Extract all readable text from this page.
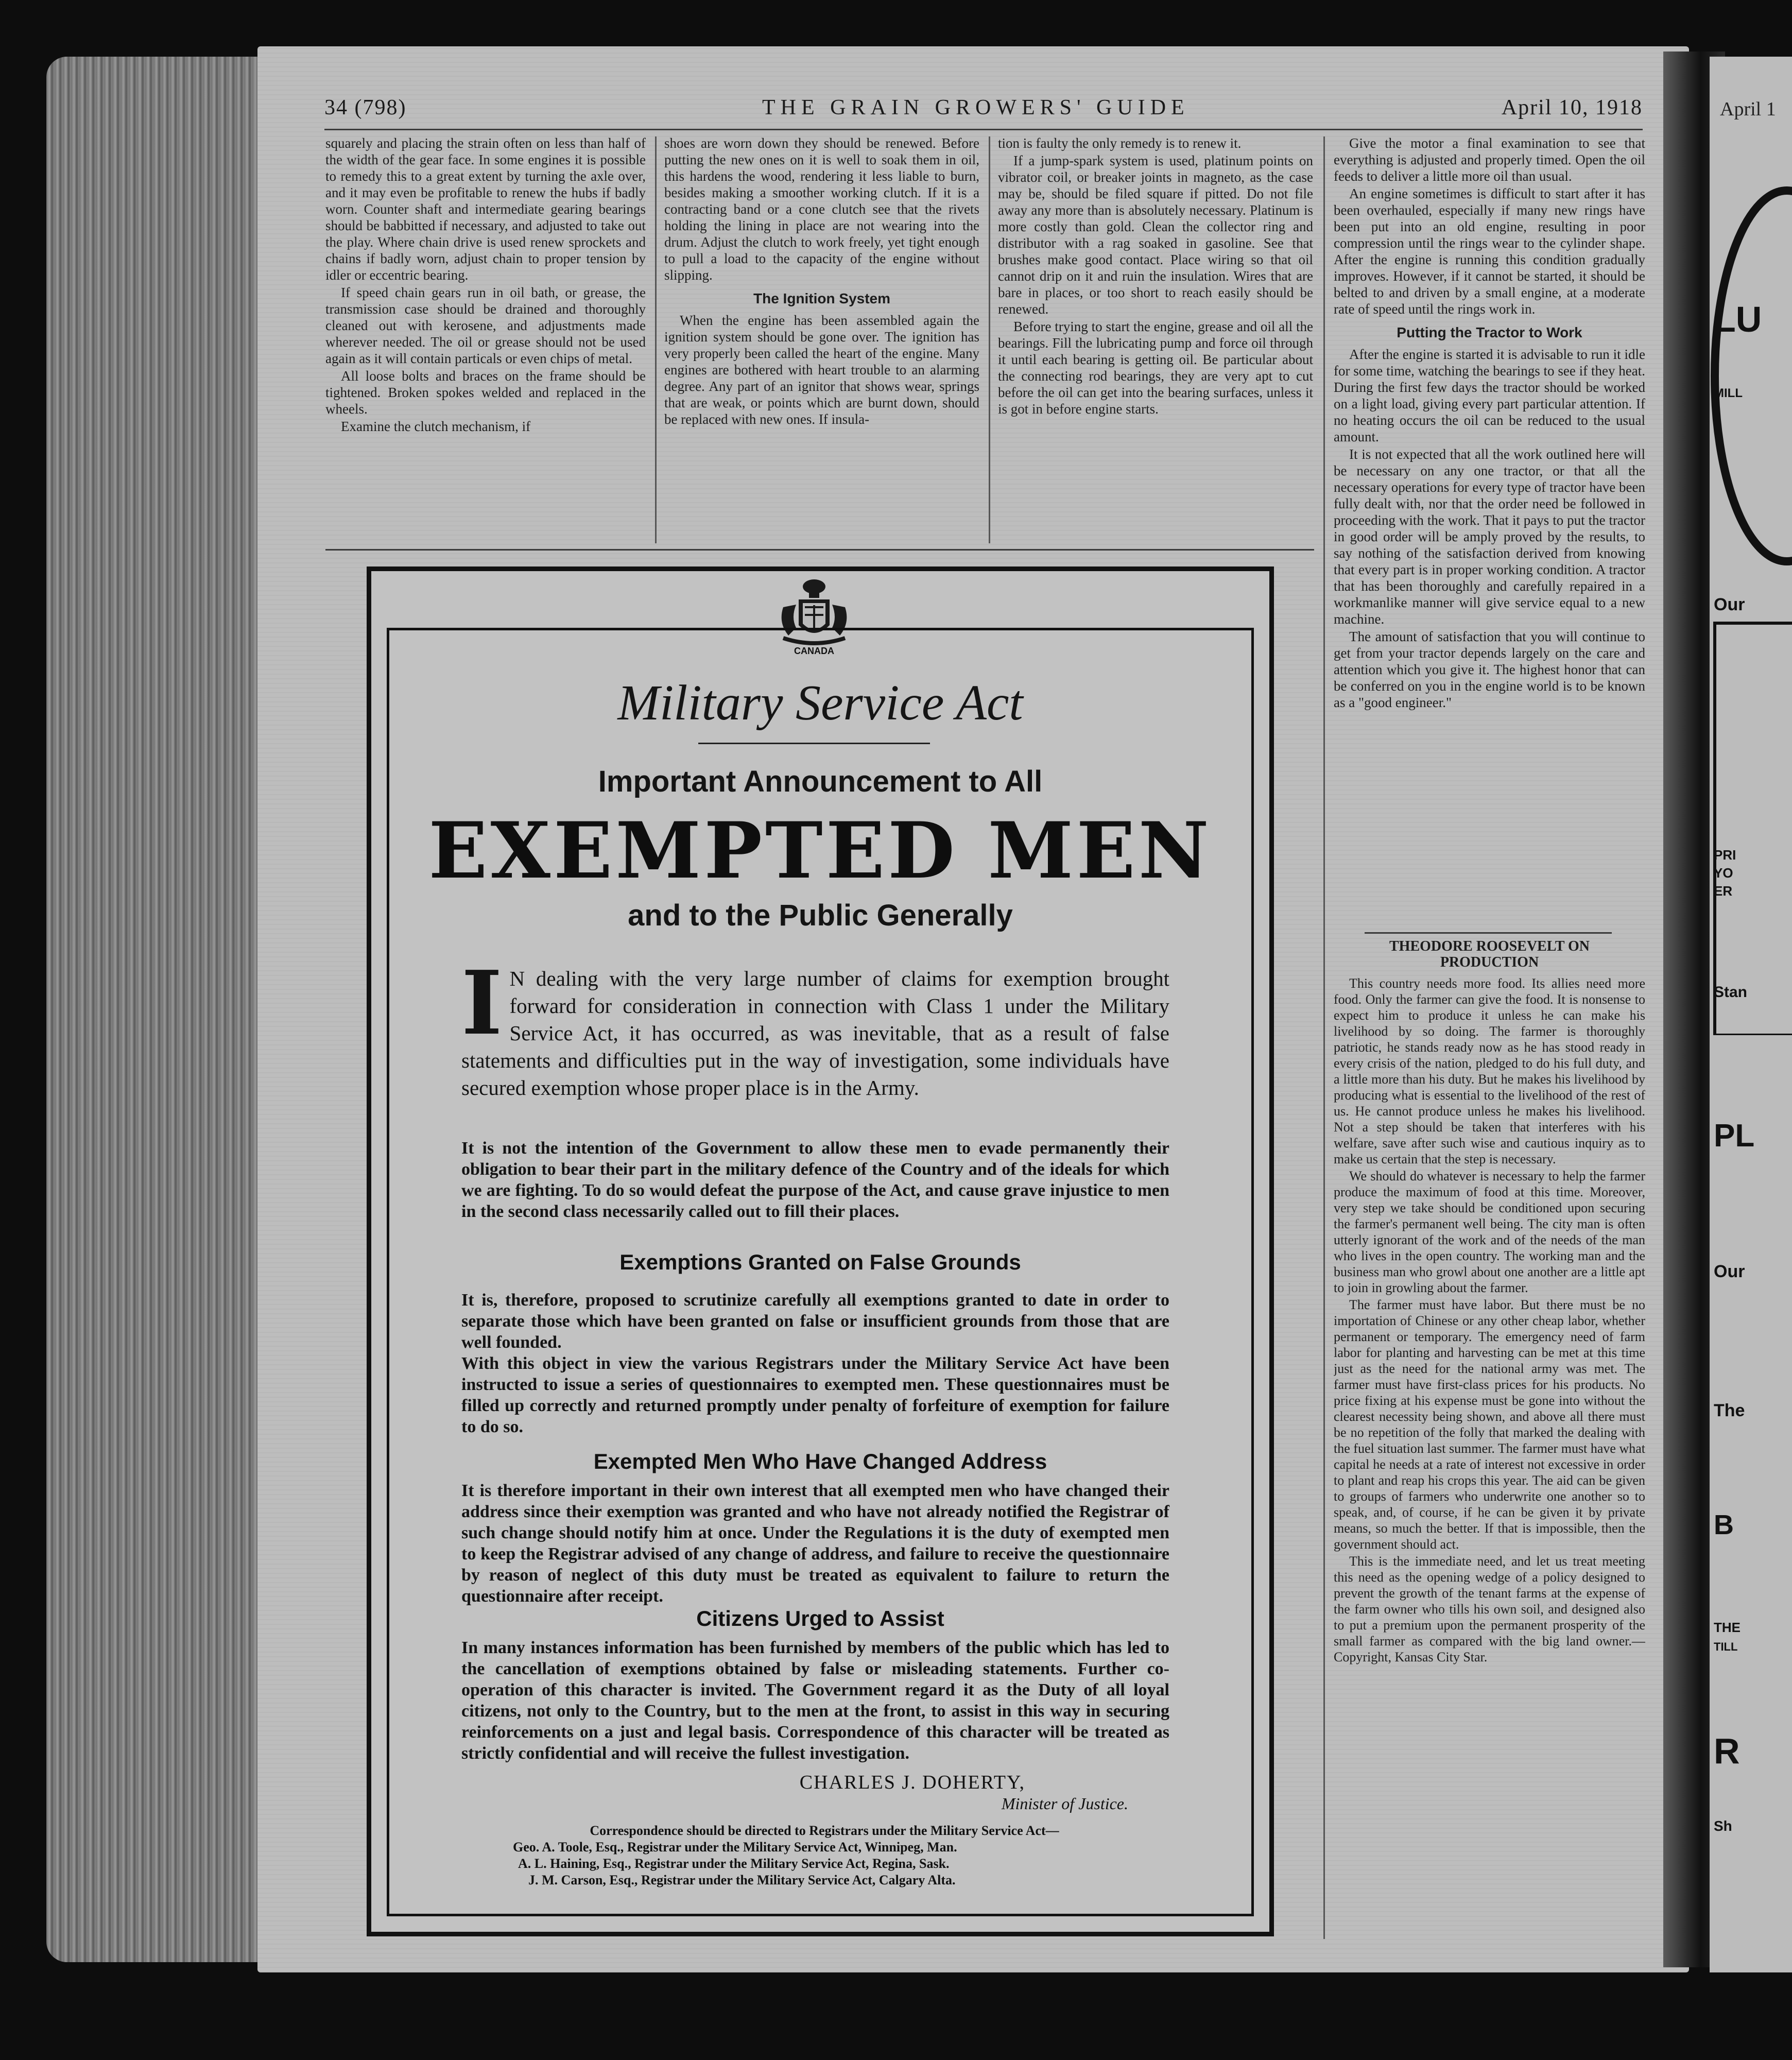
34 (798)	THE GRAIN GROWERS' GUIDE	April 10, 1918

squarely and placing the strain often on less than half of the width of the gear face. In some engines it is possible to remedy this to a great extent by turning the axle over, and it may even be profitable to renew the hubs if badly worn. Counter shaft and intermediate gearing bearings should be babbitted if necessary, and adjusted to take out the play. Where chain drive is used renew sprockets and chains if badly worn, adjust chain to proper tension by idler or eccentric bearing.

If speed chain gears run in oil bath, or grease, the transmission case should be drained and thoroughly cleaned out with kerosene, and adjustments made wherever needed. The oil or grease should not be used again as it will contain particals or even chips of metal.

All loose bolts and braces on the frame should be tightened. Broken spokes welded and replaced in the wheels.

Examine the clutch mechanism, if

shoes are worn down they should be renewed. Before putting the new ones on it is well to soak them in oil, this hardens the wood, rendering it less liable to burn, besides making a smoother working clutch. If it is a contracting band or a cone clutch see that the rivets holding the lining in place are not wearing into the drum. Adjust the clutch to work freely, yet tight enough to pull a load to the capacity of the engine without slipping.

The Ignition System

When the engine has been assembled again the ignition system should be gone over. The ignition has very properly been called the heart of the engine. Many engines are bothered with heart trouble to an alarming degree. Any part of an ignitor that shows wear, springs that are weak, or points which are burnt down, should be replaced with new ones. If insula-

tion is faulty the only remedy is to renew it.

If a jump-spark system is used, platinum points on vibrator coil, or breaker joints in magneto, as the case may be, should be filed square if pitted. Do not file away any more than is absolutely necessary. Platinum is more costly than gold. Clean the collector ring and distributor with a rag soaked in gasoline. See that brushes make good contact. Place wiring so that oil cannot drip on it and ruin the insulation. Wires that are bare in places, or too short to reach easily should be renewed.

Before trying to start the engine, grease and oil all the bearings. Fill the lubricating pump and force oil through it until each bearing is getting oil. Be particular about the connecting rod bearings, they are very apt to cut before the oil can get into the bearing surfaces, unless it is got in before engine starts.

Give the motor a final examination to see that everything is adjusted and properly timed. Open the oil feeds to deliver a little more oil than usual.

An engine sometimes is difficult to start after it has been overhauled, especially if many new rings have been put into an old engine, resulting in poor compression until the rings wear to the cylinder shape. After the engine is running this condition gradually improves. However, if it cannot be started, it should be belted to and driven by a small engine, at a moderate rate of speed until the rings work in.

Putting the Tractor to Work

After the engine is started it is advisable to run it idle for some time, watching the bearings to see if they heat. During the first few days the tractor should be worked on a light load, giving every part particular attention. If no heating occurs the oil can be reduced to the usual amount.

It is not expected that all the work outlined here will be necessary on any one tractor, or that all the necessary operations for every type of tractor have been fully dealt with, nor that the order need be followed in proceeding with the work. That it pays to put the tractor in good order will be amply proved by the results, to say nothing of the satisfaction derived from knowing that every part is in proper working condition. A tractor that has been thoroughly and carefully repaired in a workmanlike manner will give service equal to a new machine.

The amount of satisfaction that you will continue to get from your tractor depends largely on the care and attention which you give it. The highest honor that can be conferred on you in the engine world is to be known as a "good engineer."

THEODORE ROOSEVELT ON PRODUCTION

This country needs more food. Its allies need more food. Only the farmer can give the food. It is nonsense to expect him to produce it unless he can make his livelihood by so doing. The farmer is thoroughly patriotic, he stands ready now as he has stood ready in every crisis of the nation, pledged to do his full duty, and a little more than his duty. But he makes his livelihood by producing what is essential to the livelihood of the rest of us. He cannot produce unless he makes his livelihood. Not a step should be taken that interferes with his welfare, save after such wise and cautious inquiry as to make us certain that the step is necessary.

We should do whatever is necessary to help the farmer produce the maximum of food at this time. Moreover, very step we take should be conditioned upon securing the farmer's permanent well being. The city man is often utterly ignorant of the work and of the needs of the man who lives in the open country. The working man and the business man who growl about one another are a little apt to join in growling about the farmer.

The farmer must have labor. But there must be no importation of Chinese or any other cheap labor, whether permanent or temporary. The emergency need of farm labor for planting and harvesting can be met at this time just as the need for the national army was met. The farmer must have first-class prices for his products. No price fixing at his expense must be gone into without the clearest necessity being shown, and above all there must be no repetition of the folly that marked the dealing with the fuel situation last summer. The farmer must have what capital he needs at a rate of interest not excessive in order to plant and reap his crops this year. The aid can be given to groups of farmers who underwrite one another so to speak, and, of course, if he can be given it by private means, so much the better. If that is impossible, then the government should act.

This is the immediate need, and let us treat meeting this need as the opening wedge of a policy designed to prevent the growth of the tenant farms at the expense of the farm owner who tills his own soil, and designed also to put a premium upon the permanent prosperity of the small farmer as compared with the big land owner.—Copyright, Kansas City Star.

CANADA
Military Service Act
Important Announcement to All
EXEMPTED MEN
and to the Public Generally
I N dealing with the very large number of claims for exemption brought forward for consideration in connection with Class 1 under the Military Service Act, it has occurred, as was inevitable, that as a result of false statements and difficulties put in the way of investigation, some individuals have secured exemption whose proper place is in the Army.
It is not the intention of the Government to allow these men to evade permanently their obligation to bear their part in the military defence of the Country and of the ideals for which we are fighting. To do so would defeat the purpose of the Act, and cause grave injustice to men in the second class necessarily called out to fill their places.
Exemptions Granted on False Grounds
It is, therefore, proposed to scrutinize carefully all exemptions granted to date in order to separate those which have been granted on false or insufficient grounds from those that are well founded.
With this object in view the various Registrars under the Military Service Act have been instructed to issue a series of questionnaires to exempted men. These questionnaires must be filled up correctly and returned promptly under penalty of forfeiture of exemption for failure to do so.
Exempted Men Who Have Changed Address
It is therefore important in their own interest that all exempted men who have changed their address since their exemption was granted and who have not already notified the Registrar of such change should notify him at once. Under the Regulations it is the duty of exempted men to keep the Registrar advised of any change of address, and failure to receive the questionnaire by reason of neglect of this duty must be treated as equivalent to failure to return the questionnaire after receipt.
Citizens Urged to Assist
In many instances information has been furnished by members of the public which has led to the cancellation of exemptions obtained by false or misleading statements. Further co-operation of this character is invited. The Government regard it as the Duty of all loyal citizens, not only to the Country, but to the men at the front, to assist in this way in securing reinforcements on a just and legal basis. Correspondence of this character will be treated as strictly confidential and will receive the fullest investigation.
CHARLES J. DOHERTY,
Minister of Justice.
Correspondence should be directed to Registrars under the Military Service Act—
Geo. A. Toole, Esq., Registrar under the Military Service Act, Winnipeg, Man.
A. L. Haining, Esq., Registrar under the Military Service Act, Regina, Sask.
J. M. Carson, Esq., Registrar under the Military Service Act, Calgary Alta.
April 1
LU
MILL
Our
PRI
YO
ER
Stan
PL
Our
The
B
THE
TILL
R
Sh
